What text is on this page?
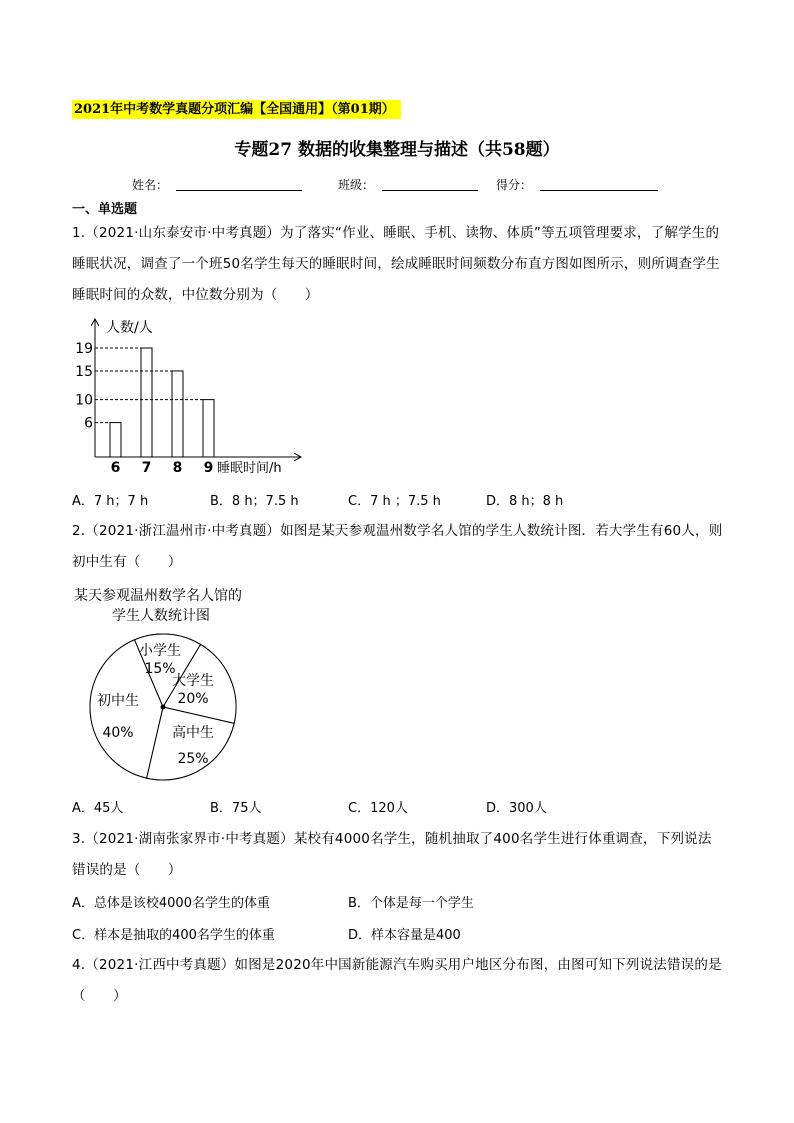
2021年中考数学真题分项汇编【全国通用】（第01期）
专题27 数据的收集整理与描述（共58题）
姓名：	班级：	得分：
一、单选题
1.（2021·山东泰安市·中考真题）为了落实“作业、睡眠、手机、读物、体质”等五项管理要求，了解学生的睡眠状况，调查了一个班50名学生每天的睡眠时间，绘成睡眠时间频数分布直方图如图所示，则所调查学生睡眠时间的众数，中位数分别为（　　）
人数/人
睡眠时间/h
6
10
15
19
6 7 8 9
A．7 h；7 h	B．8 h；7.5 h	C．7 h ；7.5 h	D．8 h；8 h
2.（2021·浙江温州市·中考真题）如图是某天参观温州数学名人馆的学生人数统计图．若大学生有60人，则初中生有（　　）
某天参观温州数学名人馆的
学生人数统计图
小学生
15%
大学生
20%
高中生
25%
初中生
40%
A．45人	B．75人	C．120人	D．300人
3.（2021·湖南张家界市·中考真题）某校有4000名学生，随机抽取了400名学生进行体重调查，下列说法错误的是（　　）
A．总体是该校4000名学生的体重	B．个体是每一个学生
C．样本是抽取的400名学生的体重	D．样本容量是400
4.（2021·江西中考真题）如图是2020年中国新能源汽车购买用户地区分布图，由图可知下列说法错误的是（　　）
